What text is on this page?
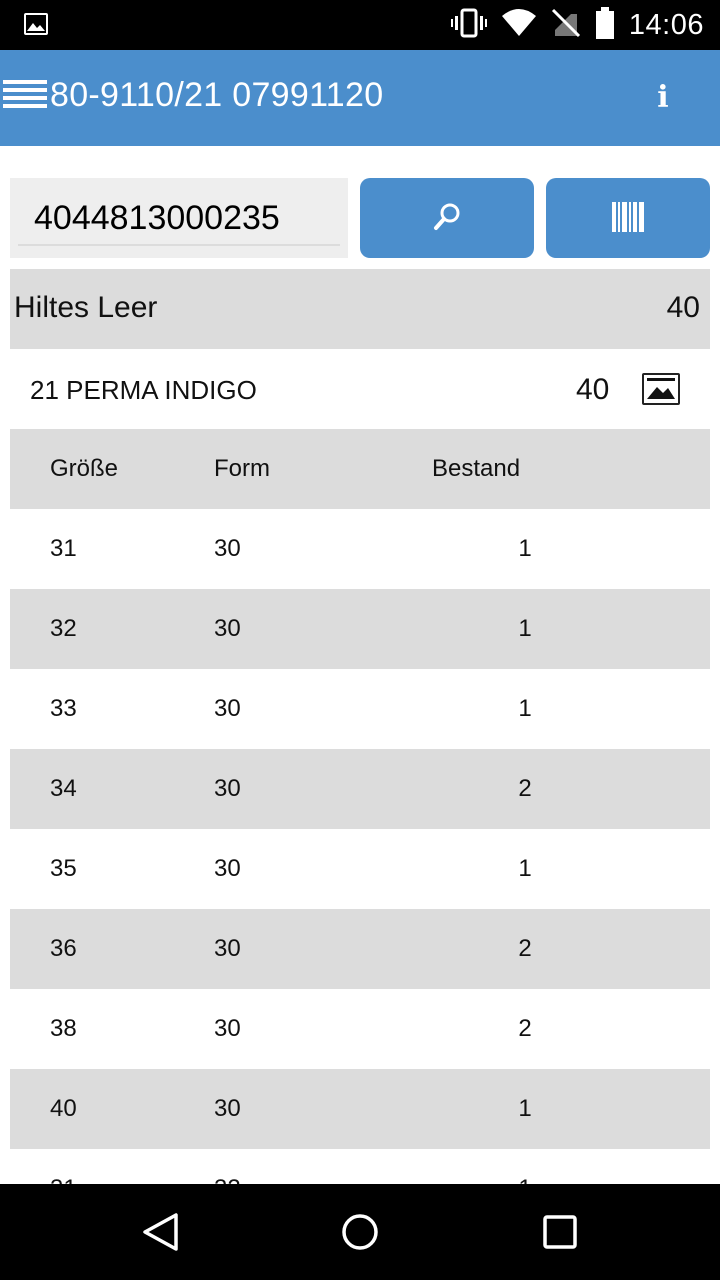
14:06
80-9110/21 07991120	i
4044813000235
Hiltes Leer	40
21 PERMA INDIGO	40
Größe	Form	Bestand
31	30	1
32	30	1
33	30	1
34	30	2
35	30	1
36	30	2
38	30	2
40	30	1
